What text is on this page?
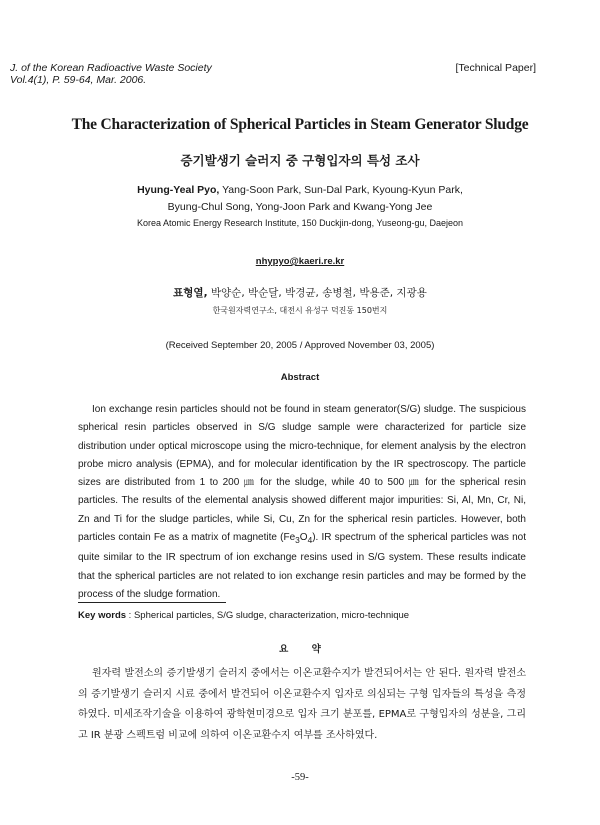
J. of the Korean Radioactive Waste Society
Vol.4(1), P. 59-64, Mar. 2006.
[Technical Paper]
The Characterization of Spherical Particles in Steam Generator Sludge
증기발생기 슬러지 중 구형입자의 특성 조사
Hyung-Yeal Pyo, Yang-Soon Park, Sun-Dal Park, Kyoung-Kyun Park,
Byung-Chul Song, Yong-Joon Park and Kwang-Yong Jee
Korea Atomic Energy Research Institute, 150 Duckjin-dong, Yuseong-gu, Daejeon
nhypyo@kaeri.re.kr
표형열, 박양순, 박순달, 박경균, 송병철, 박용준, 지광용
한국원자력연구소, 대전시 유성구 덕진동 150번지
(Received September 20, 2005 / Approved November 03, 2005)
Abstract

Ion exchange resin particles should not be found in steam generator(S/G) sludge. The suspicious spherical resin particles observed in S/G sludge sample were characterized for particle size distribution under optical microscope using the micro-technique, for element analysis by the electron probe micro analysis (EPMA), and for molecular identification by the IR spectroscopy. The particle sizes are distributed from 1 to 200 ㎛ for the sludge, while 40 to 500 ㎛ for the spherical resin particles. The results of the elemental analysis showed different major impurities: Si, Al, Mn, Cr, Ni, Zn and Ti for the sludge particles, while Si, Cu, Zn for the spherical resin particles. However, both particles contain Fe as a matrix of magnetite $(Fe_3O_4)$. IR spectrum of the spherical particles was not quite similar to the IR spectrum of ion exchange resins used in S/G system. These results indicate that the spherical particles are not related to ion exchange resin particles and may be formed by the process of the sludge formation.

Key words : Spherical particles, S/G sludge, characterization, micro-technique
요 약

원자력 발전소의 증기발생기 슬러지 중에서는 이온교환수지가 발견되어서는 안 된다. 원자력 발전소의 증기발생기 슬러지 시료 중에서 발견되어 이온교환수지 입자로 의심되는 구형 입자들의 특성을 측정하였다. 미세조작기술을 이용하여 광학현미경으로 입자 크기 분포를, EPMA로 구형입자의 성분을, 그리고 IR 분광 스펙트럼 비교에 의하여 이온교환수지 여부를 조사하였다.

-59-
